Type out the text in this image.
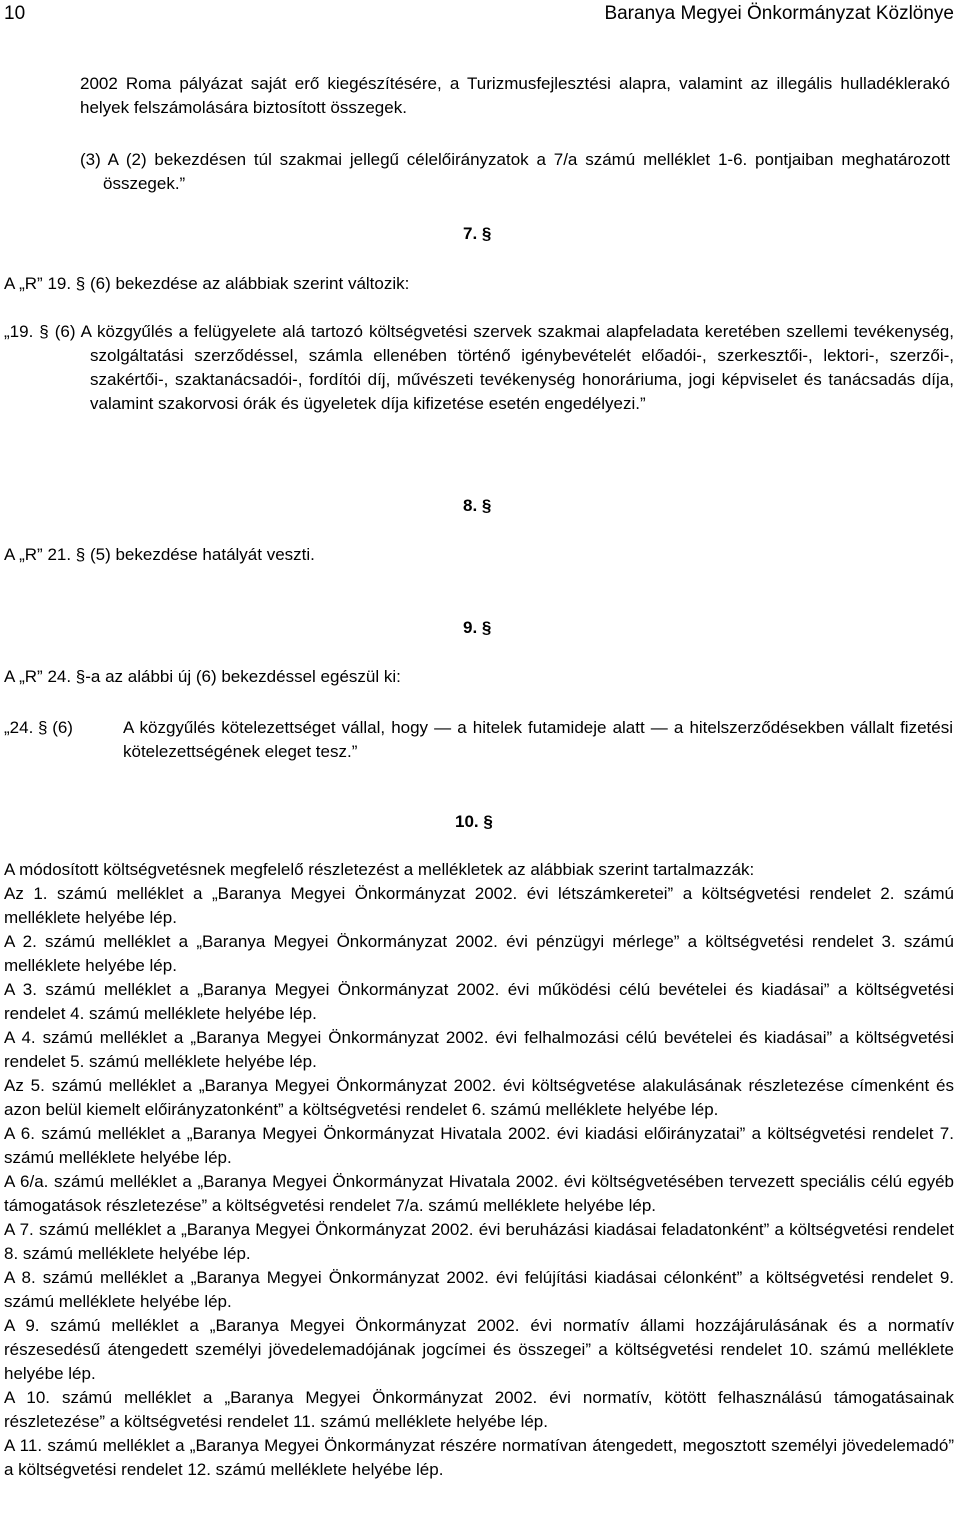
10	Baranya Megyei Önkormányzat Közlönye

2002 Roma pályázat saját erő kiegészítésére, a Turizmusfejlesztési alapra, valamint az illegális hulladéklerakó helyek felszámolására biztosított összegek.

(3) A (2) bekezdésen túl szakmai jellegű célelőirányzatok a 7/a számú melléklet 1-6. pontjaiban meghatározott összegek.”

7. §

A „R” 19. § (6) bekezdése az alábbiak szerint változik:

„19. § (6) A közgyűlés a felügyelete alá tartozó költségvetési szervek szakmai alapfeladata keretében szellemi tevékenység, szolgáltatási szerződéssel, számla ellenében történő igénybevételét előadói-, szerkesztői-, lektori-, szerzői-, szakértői-, szaktanácsadói-, fordítói díj, művészeti tevékenység honoráriuma, jogi képviselet és tanácsadás díja, valamint szakorvosi órák és ügyeletek díja kifizetése esetén engedélyezi.”

8. §

A „R” 21. § (5) bekezdése hatályát veszti.

9. §

A „R” 24. §-a az alábbi új (6) bekezdéssel egészül ki:

„24. § (6)	A közgyűlés kötelezettséget vállal, hogy — a hitelek futamideje alatt — a hitelszerződésekben vállalt fizetési kötelezettségének eleget tesz.”

10. §
A módosított költségvetésnek megfelelő részletezést a mellékletek az alábbiak szerint tartalmazzák:
Az 1. számú melléklet a „Baranya Megyei Önkormányzat 2002. évi létszámkeretei” a költségvetési rendelet 2. számú melléklete helyébe lép.
A 2. számú melléklet a „Baranya Megyei Önkormányzat 2002. évi pénzügyi mérlege” a költségvetési rendelet 3. számú melléklete helyébe lép.
A 3. számú melléklet a „Baranya Megyei Önkormányzat 2002. évi működési célú bevételei és kiadásai” a költségvetési rendelet 4. számú melléklete helyébe lép.
A 4. számú melléklet a „Baranya Megyei Önkormányzat 2002. évi felhalmozási célú bevételei és kiadásai” a költségvetési rendelet 5. számú melléklete helyébe lép.
Az 5. számú melléklet a „Baranya Megyei Önkormányzat 2002. évi költségvetése alakulásának részletezése címenként és azon belül kiemelt előirányzatonként” a költségvetési rendelet 6. számú melléklete helyébe lép.
A 6. számú melléklet a „Baranya Megyei Önkormányzat Hivatala 2002. évi kiadási előirányzatai” a költségvetési rendelet 7. számú melléklete helyébe lép.
A 6/a. számú melléklet a „Baranya Megyei Önkormányzat Hivatala 2002. évi költségvetésében tervezett speciális célú egyéb támogatások részletezése” a költségvetési rendelet 7/a. számú melléklete helyébe lép.
A 7. számú melléklet a „Baranya Megyei Önkormányzat 2002. évi beruházási kiadásai feladatonként” a költségvetési rendelet 8. számú melléklete helyébe lép.
A 8. számú melléklet a „Baranya Megyei Önkormányzat 2002. évi felújítási kiadásai célonként” a költségvetési rendelet 9. számú melléklete helyébe lép.
A 9. számú melléklet a „Baranya Megyei Önkormányzat 2002. évi normatív állami hozzájárulásának és a normatív részesedésű átengedett személyi jövedelemadójának jogcímei és összegei” a költségvetési rendelet 10. számú melléklete helyébe lép.
A 10. számú melléklet a „Baranya Megyei Önkormányzat 2002. évi normatív, kötött felhasználású támogatásainak részletezése” a költségvetési rendelet 11. számú melléklete helyébe lép.
A 11. számú melléklet a „Baranya Megyei Önkormányzat részére normatívan átengedett, megosztott személyi jövedelemadó” a költségvetési rendelet 12. számú melléklete helyébe lép.
